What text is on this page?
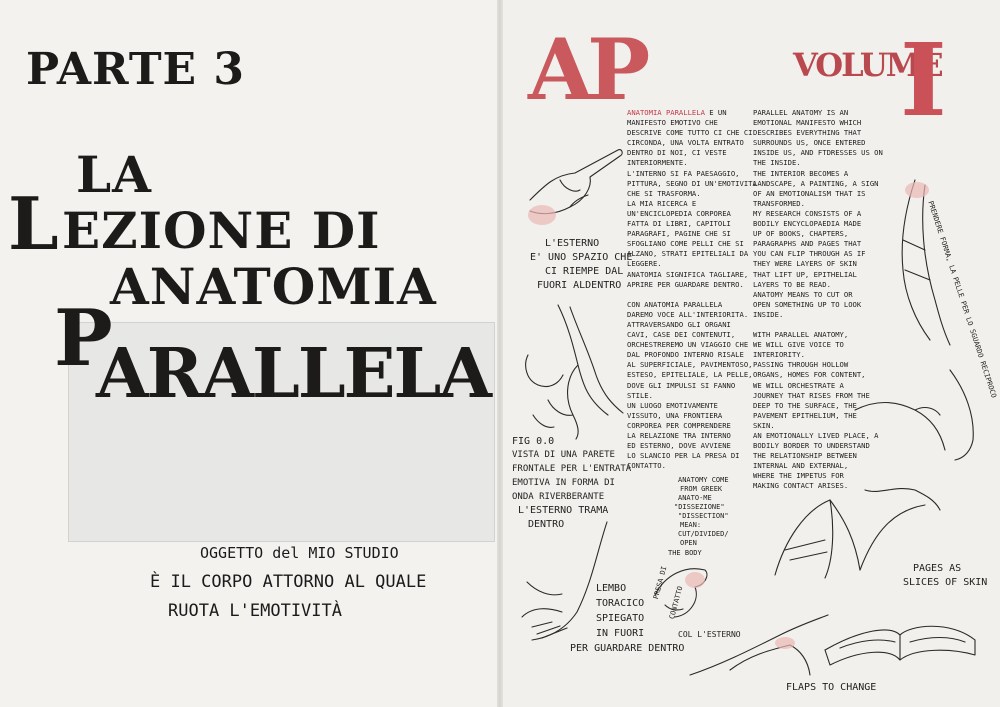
PARTE 3
LA
L EZIONE DI
ANATOMIA
P
ARALLELA
OGGETTO del MIO STUDIO
È IL CORPO ATTORNO AL QUALE
RUOTA L'EMOTIVITÀ
AP	VOLUME
I
ANATOMIA PARALLELA E UN
MANIFESTO EMOTIVO CHE
DESCRIVE COME TUTTO CI CHE CI
CIRCONDA, UNA VOLTA ENTRATO
DENTRO DI NOI, CI VESTE
INTERIORMENTE.
L'INTERNO SI FA PAESAGGIO,
PITTURA, SEGNO DI UN'EMOTIVITA
CHE SI TRASFORMA.
LA MIA RICERCA E
UN'ENCICLOPEDIA CORPOREA
FATTA DI LIBRI, CAPITOLI
PARAGRAFI, PAGINE CHE SI
SFOGLIANO COME PELLI CHE SI
ALZANO, STRATI EPITELIALI DA
LEGGERE.
ANATOMIA SIGNIFICA TAGLIARE,
APRIRE PER GUARDARE DENTRO.

CON ANATOMIA PARALLELA
DAREMO VOCE ALL'INTERIORITA.
ATTRAVERSANDO GLI ORGANI
CAVI, CASE DEI CONTENUTI,
ORCHESTREREMO UN VIAGGIO CHE
DAL PROFONDO INTERNO RISALE
AL SUPERFICIALE, PAVIMENTOSO,
ESTESO, EPITELIALE, LA PELLE,
DOVE GLI IMPULSI SI FANNO
STILE.
UN LUOGO EMOTIVAMENTE
VISSUTO, UNA FRONTIERA
CORPOREA PER COMPRENDERE
LA RELAZIONE TRA INTERNO
ED ESTERNO, DOVE AVVIENE
LO SLANCIO PER LA PRESA DI
CONTATTO.
PARALLEL ANATOMY IS AN
EMOTIONAL MANIFESTO WHICH
DESCRIBES EVERYTHING THAT
SURROUNDS US, ONCE ENTERED
INSIDE US, AND FTDRESSES US ON
THE INSIDE.
THE INTERIOR BECOMES A
LANDSCAPE, A PAINTING, A SIGN
OF AN EMOTIONALISM THAT IS
TRANSFORMED.
MY RESEARCH CONSISTS OF A
BODILY ENCYCLOPAEDIA MADE
UP OF BOOKS, CHAPTERS,
PARAGRAPHS AND PAGES THAT
YOU CAN FLIP THROUGH AS IF
THEY WERE LAYERS OF SKIN
THAT LIFT UP, EPITHELIAL
LAYERS TO BE READ.
ANATOMY MEANS TO CUT OR
OPEN SOMETHING UP TO LOOK
INSIDE.

WITH PARALLEL ANATOMY,
WE WILL GIVE VOICE TO
INTERIORITY.
PASSING THROUGH HOLLOW
ORGANS, HOMES FOR CONTENT,
WE WILL ORCHESTRATE A
JOURNEY THAT RISES FROM THE
DEEP TO THE SURFACE, THE
PAVEMENT EPITHELIUM, THE
SKIN.
AN EMOTIONALLY LIVED PLACE, A
BODILY BORDER TO UNDERSTAND
THE RELATIONSHIP BETWEEN
INTERNAL AND EXTERNAL,
WHERE THE IMPETUS FOR
MAKING CONTACT ARISES.
L'ESTERNO
E' UNO SPAZIO CHE
CI RIEMPE DAL
FUORI ALDENTRO
FIG 0.0
VISTA DI UNA PARETE
FRONTALE PER L'ENTRATA
EMOTIVA IN FORMA DI
ONDA RIVERBERANTE
L'ESTERNO TRAMA
DENTRO
LEMBO
TORACICO
SPIEGATO
IN FUORI
PER GUARDARE DENTRO
ANATOMY COME
FROM GREEK
ANATO-ME
"DISSEZIONE"
"DISSECTION"
MEAN:
CUT/DIVIDED/
OPEN
THE BODY
PRESA DI
CONTATTO
COL L'ESTERNO
PAGES AS
SLICES OF SKIN
FLAPS TO CHANGE
PRENDERE FORMA, LA PELLE PER LO SGUARDO RECIPROCO
